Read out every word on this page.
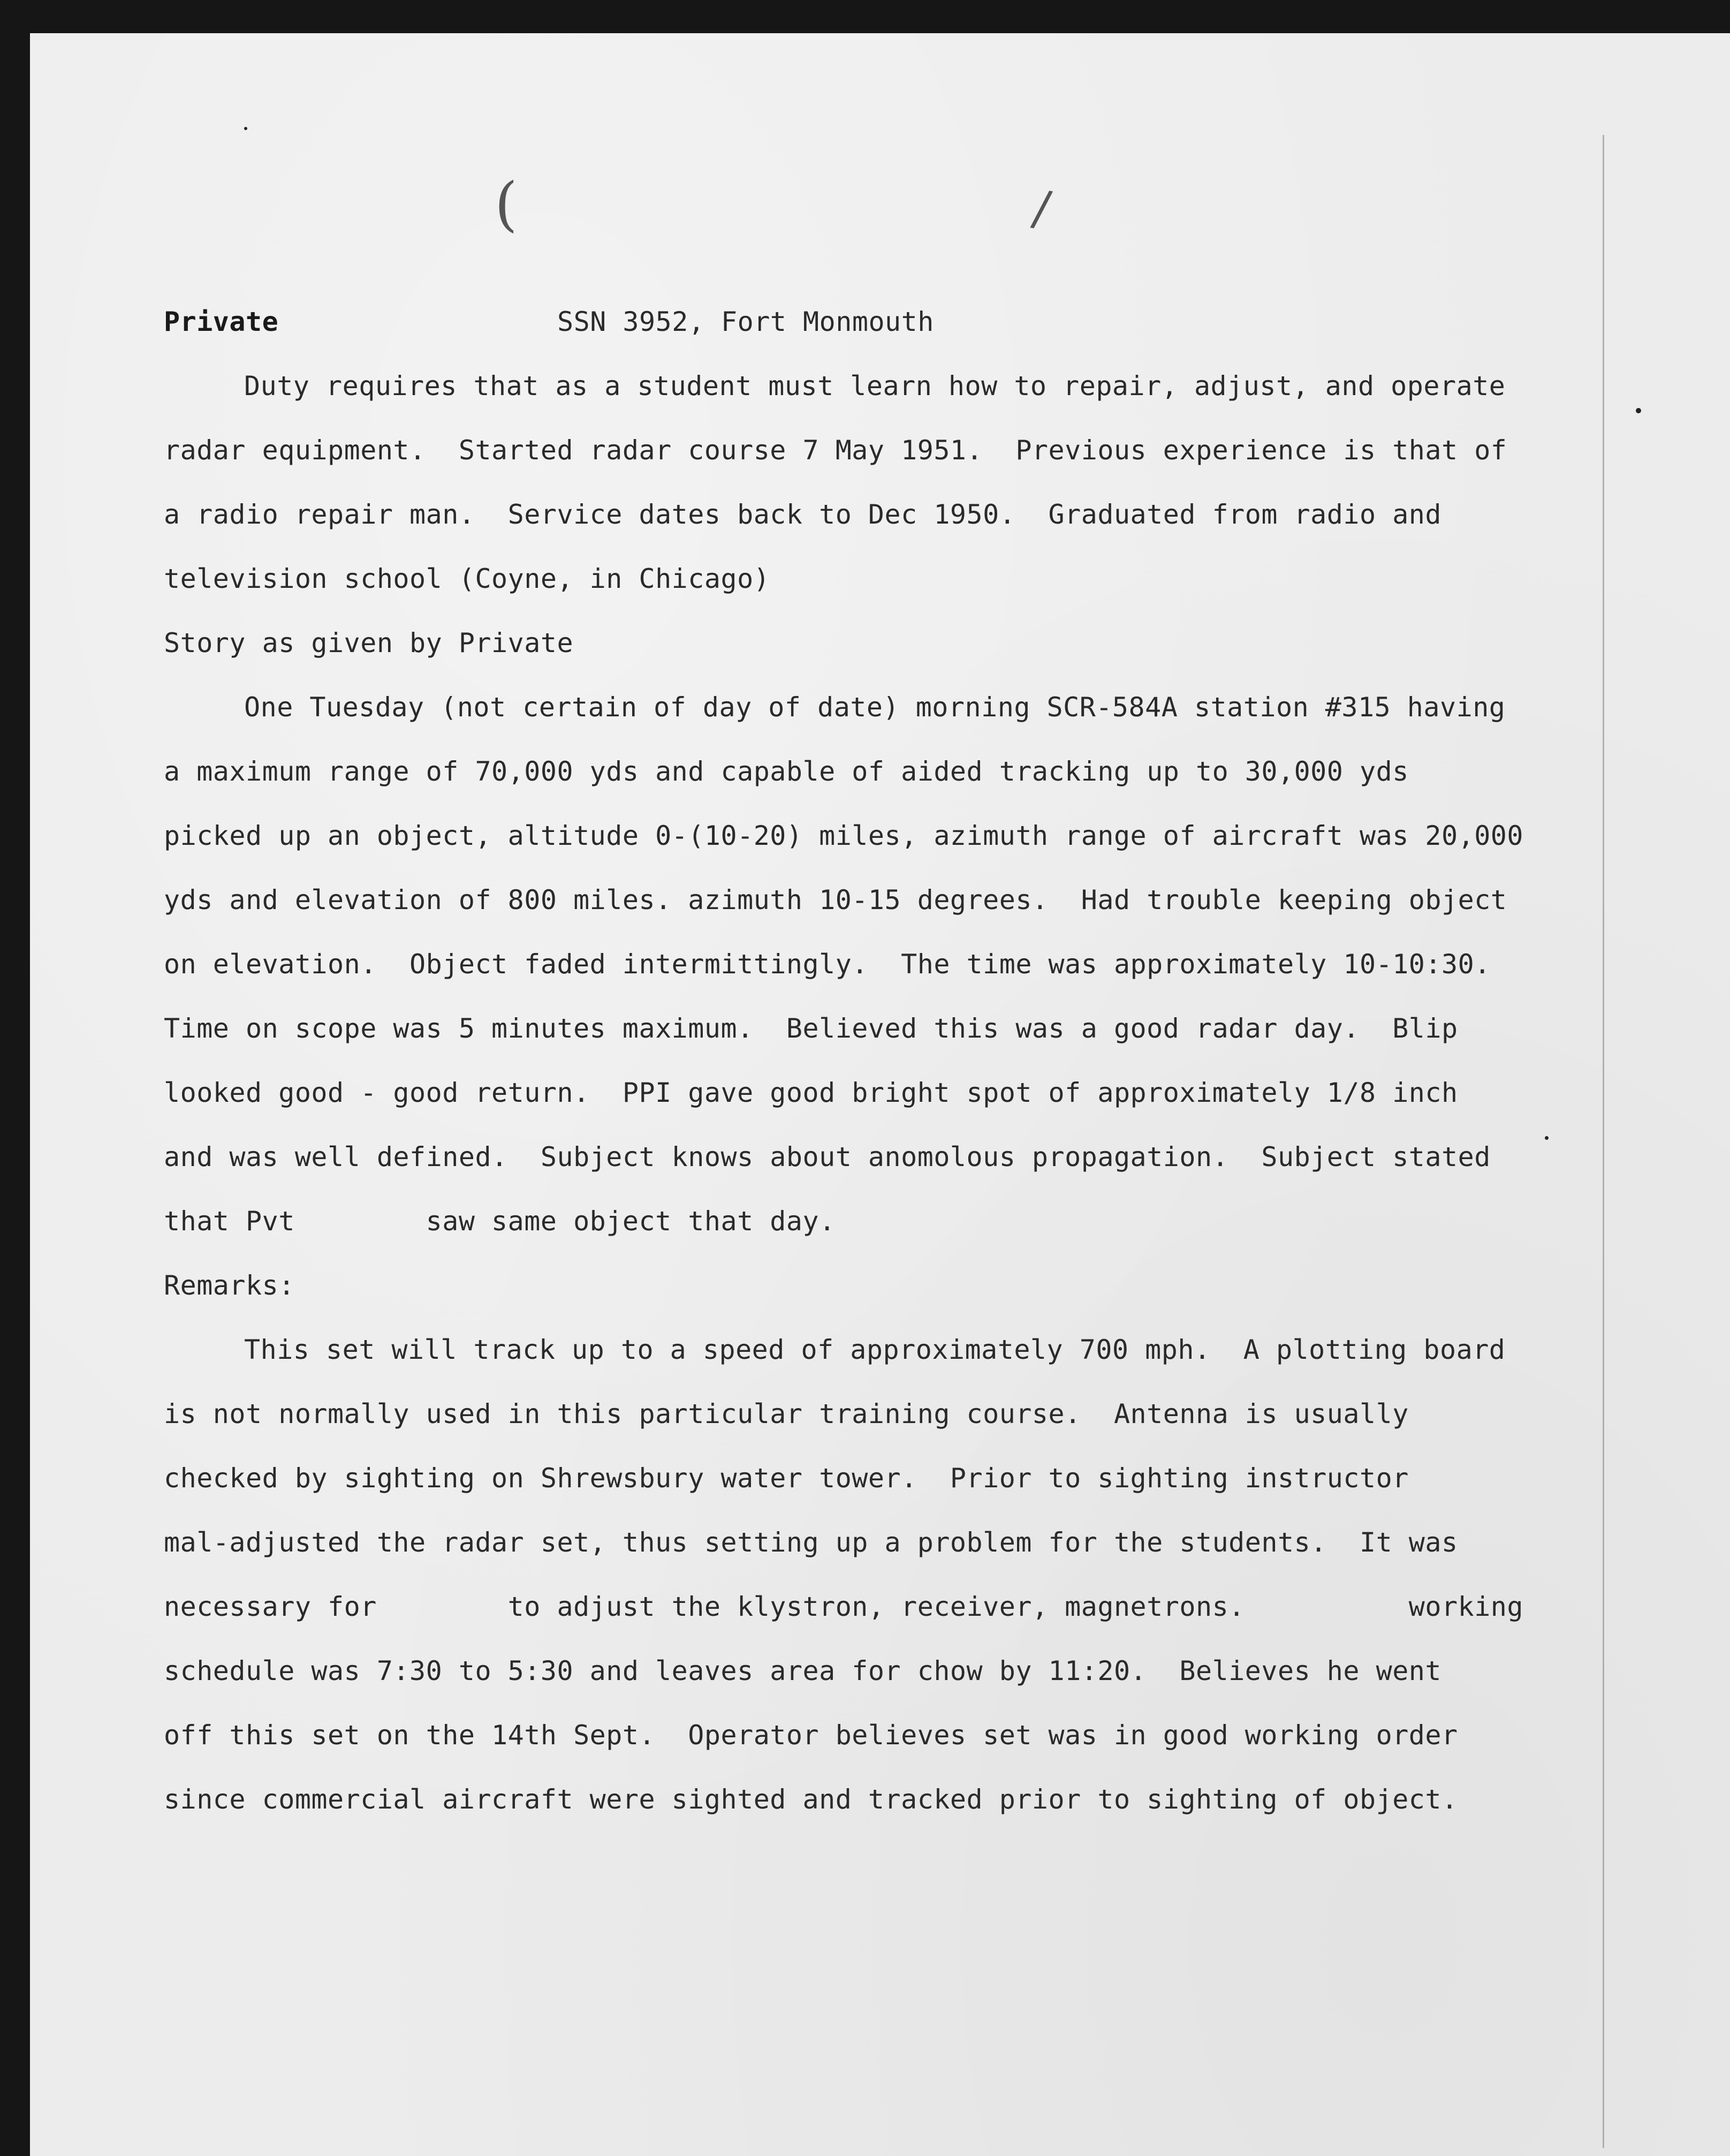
(	/

Private

	SSN 3952, Fort Monmouth

Duty requires that as a student must learn how to repair, adjust, and operate

radar equipment.  Started radar course 7 May 1951.  Previous experience is that of

a radio repair man.  Service dates back to Dec 1950.  Graduated from radio and

television school (Coyne, in Chicago)

Story as given by Private

One Tuesday (not certain of day of date) morning SCR-584A station #315 having

a maximum range of 70,000 yds and capable of aided tracking up to 30,000 yds

picked up an object, altitude 0-(10-20) miles, azimuth range of aircraft was 20,000

yds and elevation of 800 miles. azimuth 10-15 degrees.  Had trouble keeping object

on elevation.  Object faded intermittingly.  The time was approximately 10-10:30.

Time on scope was 5 minutes maximum.  Believed this was a good radar day.  Blip

looked good - good return.  PPI gave good bright spot of approximately 1/8 inch

and was well defined.  Subject knows about anomolous propagation.  Subject stated

that Pvt        saw same object that day.

Remarks:

This set will track up to a speed of approximately 700 mph.  A plotting board

is not normally used in this particular training course.  Antenna is usually

checked by sighting on Shrewsbury water tower.  Prior to sighting instructor

mal-adjusted the radar set, thus setting up a problem for the students.  It was

necessary for        to adjust the klystron, receiver, magnetrons.          working

schedule was 7:30 to 5:30 and leaves area for chow by 11:20.  Believes he went

off this set on the 14th Sept.  Operator believes set was in good working order

since commercial aircraft were sighted and tracked prior to sighting of object.
